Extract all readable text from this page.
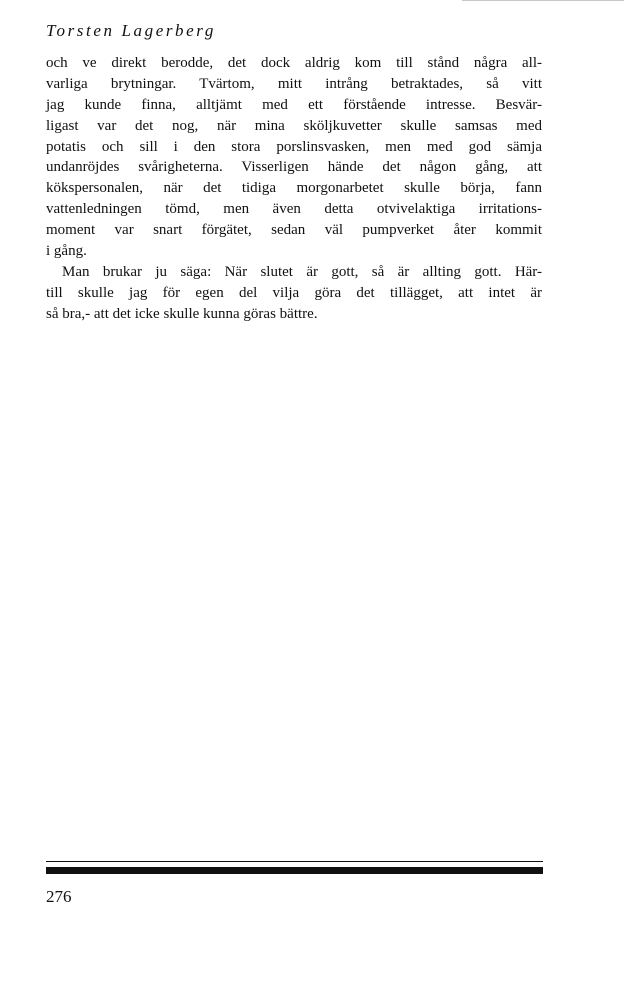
Torsten Lagerberg
och ve direkt berodde, det dock aldrig kom till stånd några all-
varliga brytningar. Tvärtom, mitt intrång betraktades, så vitt
jag kunde finna, alltjämt med ett förstående intresse. Besvär-
ligast var det nog, när mina sköljkuvetter skulle samsas med
potatis och sill i den stora porslinsvasken, men med god sämja
undanröjdes svårigheterna. Visserligen hände det någon gång, att
kökspersonalen, när det tidiga morgonarbetet skulle börja, fann
vattenledningen tömd, men även detta otvivelaktiga irritations-
moment var snart förgätet, sedan väl pumpverket åter kommit
i gång.
Man brukar ju säga: När slutet är gott, så är allting gott. Här-
till skulle jag för egen del vilja göra det tillägget, att intet är
så bra,- att det icke skulle kunna göras bättre.
276
